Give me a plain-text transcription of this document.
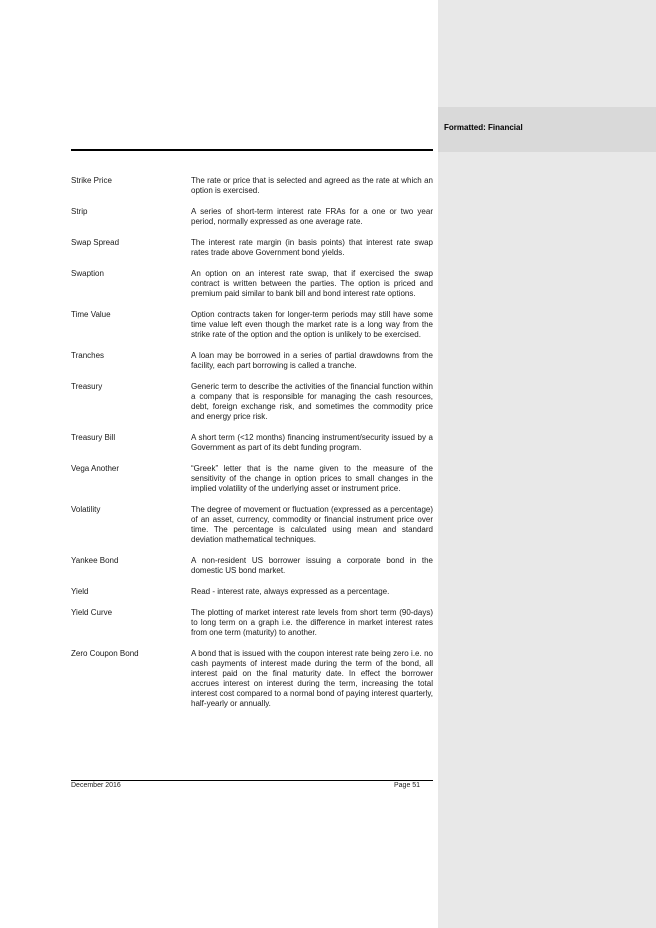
Strike Price	The rate or price that is selected and agreed as the rate at which an option is exercised.
Strip	A series of short-term interest rate FRAs for a one or two year period, normally expressed as one average rate.
Swap Spread	The interest rate margin (in basis points) that interest rate swap rates trade above Government bond yields.
Swaption	An option on an interest rate swap, that if exercised the swap contract is written between the parties. The option is priced and premium paid similar to bank bill and bond interest rate options.
Time Value	Option contracts taken for longer-term periods may still have some time value left even though the market rate is a long way from the strike rate of the option and the option is unlikely to be exercised.
Tranches	A loan may be borrowed in a series of partial drawdowns from the facility, each part borrowing is called a tranche.
Treasury	Generic term to describe the activities of the financial function within a company that is responsible for managing the cash resources, debt, foreign exchange risk, and sometimes the commodity price and energy price risk.
Treasury Bill	A short term (<12 months) financing instrument/security issued by a Government as part of its debt funding program.
Vega Another	“Greek” letter that is the name given to the measure of the sensitivity of the change in option prices to small changes in the implied volatility of the underlying asset or instrument price.
Volatility	The degree of movement or fluctuation (expressed as a percentage) of an asset, currency, commodity or financial instrument price over time. The percentage is calculated using mean and standard deviation mathematical techniques.
Yankee Bond	A non-resident US borrower issuing a corporate bond in the domestic US bond market.
Yield	Read - interest rate, always expressed as a percentage.
Yield Curve	The plotting of market interest rate levels from short term (90-days) to long term on a graph i.e. the difference in market interest rates from one term (maturity) to another.
Zero Coupon Bond	A bond that is issued with the coupon interest rate being zero i.e. no cash payments of interest made during the term of the bond, all interest paid on the final maturity date. In effect the borrower accrues interest on interest during the term, increasing the total interest cost compared to a normal bond of paying interest quarterly, half-yearly or annually.
December 2016	Page 51
Formatted: Financial
